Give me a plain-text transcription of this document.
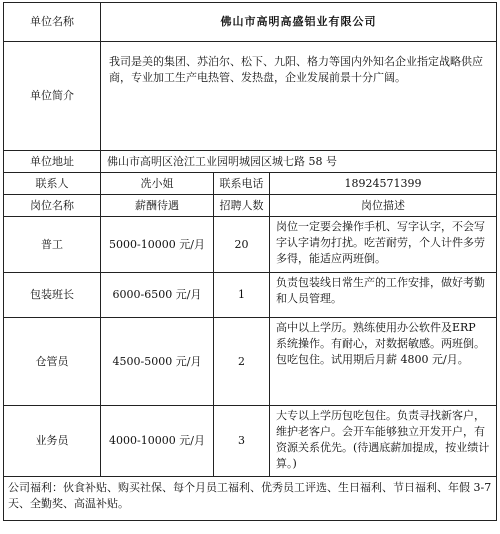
单位名称	佛山市高明高盛铝业有限公司		
单位简介	我司是美的集团、苏泊尔、松下、九阳、格力等国内外知名企业指定战略供应商，专业加工生产电热管、发热盘，企业发展前景十分广阔。		
单位地址	佛山市高明区沧江工业园明城园区城七路 58 号		
联系人	冼小姐	联系电话	18924571399
岗位名称	薪酬待遇	招聘人数	岗位描述
普工	5000-10000 元/月	20	岗位一定要会操作手机、写字认字，不会写字认字请勿打扰。吃苦耐劳，个人计件多劳多得，能适应两班倒。
包装班长	6000-6500 元/月	1	负责包装线日常生产的工作安排，做好考勤和人员管理。
仓管员	4500-5000 元/月	2	高中以上学历。熟练使用办公软件及ERP 系统操作。有耐心，对数据敏感。两班倒。包吃包住。试用期后月薪 4800 元/月。
业务员	4000-10000 元/月	3	大专以上学历包吃包住。负责寻找新客户，维护老客户。会开车能够独立开发开户，有资源关系优先。(待遇底薪加提成，按业绩计算。)
公司福利：伙食补贴、购买社保、每个月员工福利、优秀员工评选、生日福利、节日福利、年假 3-7 天、全勤奖、高温补贴。			
